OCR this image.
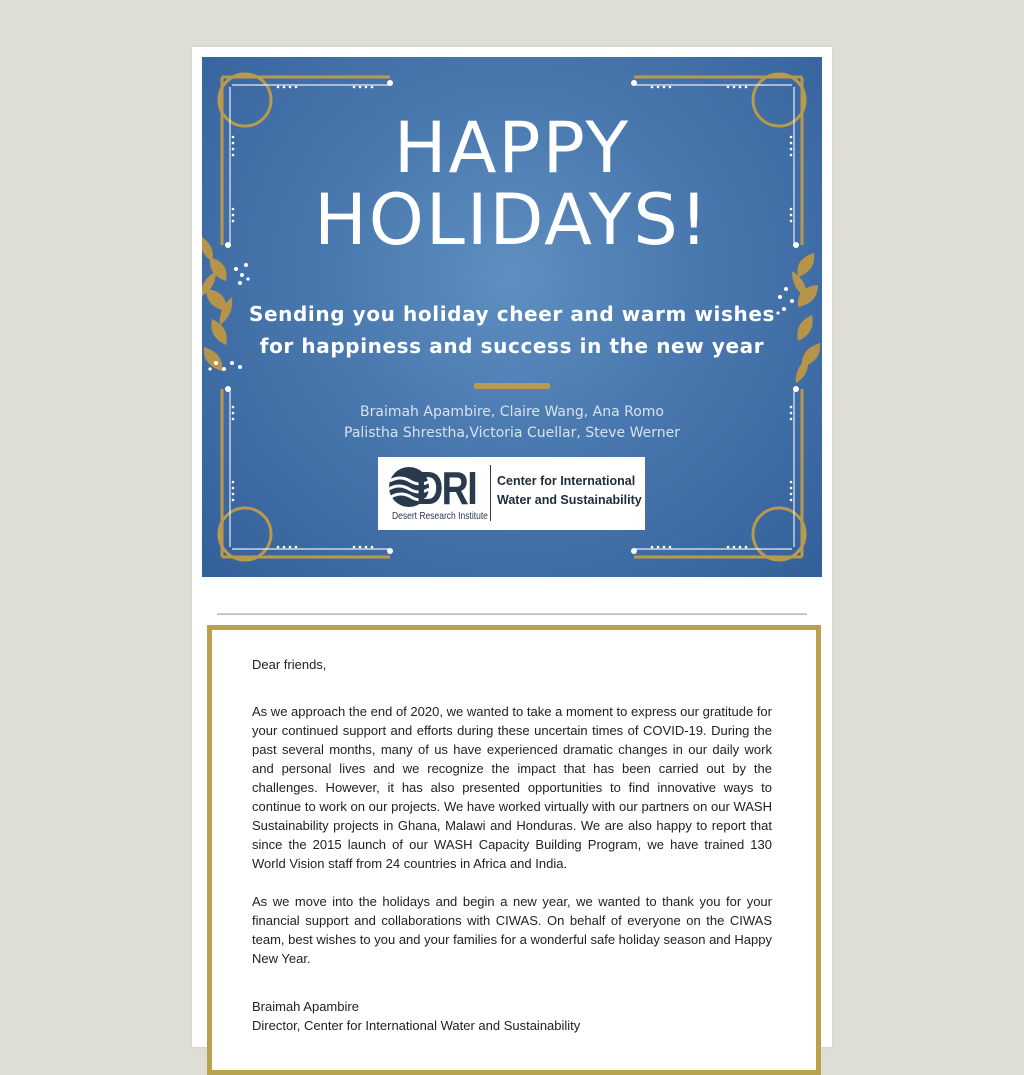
HAPPY
HOLIDAYS!
Sending you holiday cheer and warm wishes
for happiness and success in the new year
Braimah Apambire, Claire Wang, Ana Romo
Palistha Shrestha,Victoria Cuellar, Steve Werner
DRI
Desert Research Institute
Center for International
Water and Sustainability

Dear friends,

As we approach the end of 2020, we wanted to take a moment to express our gratitude for your continued support and efforts during these uncertain times of COVID-19. During the past several months, many of us have experienced dramatic changes in our daily work and personal lives and we recognize the impact that has been carried out by the challenges. However, it has also presented opportunities to find innovative ways to continue to work on our projects. We have worked virtually with our partners on our WASH Sustainability projects in Ghana, Malawi and Honduras. We are also happy to report that since the 2015 launch of our WASH Capacity Building Program, we have trained 130 World Vision staff from 24 countries in Africa and India.

As we move into the holidays and begin a new year, we wanted to thank you for your financial support and collaborations with CIWAS. On behalf of everyone on the CIWAS team, best wishes to you and your families for a wonderful safe holiday season and Happy New Year.

Braimah Apambire

Director, Center for International Water and Sustainability
